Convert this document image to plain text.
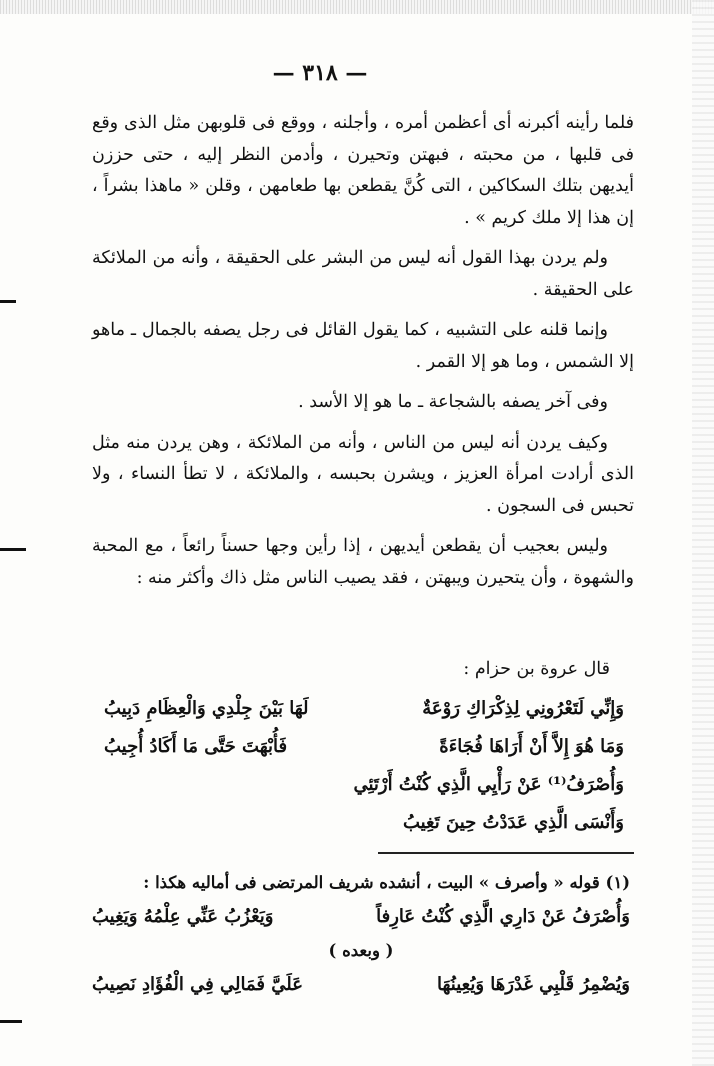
— ٣١٨ —

فلما رأينه أكبرنه أى أعظمن أمره ، وأجلنه ، ووقع فى قلوبهن مثل الذى وقع فى قلبها ، من محبته ، فبهتن وتحيرن ، وأدمن النظر إليه ، حتى حززن أيديهن بتلك السكاكين ، التى كُنَّ يقطعن بها طعامهن ، وقلن « ماهذا بشراً ، إن هذا إلا ملك كريم » .

ولم يردن بهذا القول أنه ليس من البشر على الحقيقة ، وأنه من الملائكة على الحقيقة .

وإنما قلنه على التشبيه ، كما يقول القائل فى رجل يصفه بالجمال ـ ماهو إلا الشمس ، وما هو إلا القمر .

وفى آخر يصفه بالشجاعة ـ ما هو إلا الأسد .

وكيف يردن أنه ليس من الناس ، وأنه من الملائكة ، وهن يردن منه مثل الذى أرادت امرأة العزيز ، ويشرن بحبسه ، والملائكة ، لا تطأ النساء ، ولا تحبس فى السجون .

وليس بعجيب أن يقطعن أيديهن ، إذا رأين وجها حسناً رائعاً ، مع المحبة والشهوة ، وأن يتحيرن ويبهتن ، فقد يصيب الناس مثل ذاك وأكثر منه :

قال عروة بن حزام :
وَإِنِّي لَتَعْرُونِي لِذِكْرَاكِ رَوْعَةٌ
لَهَا بَيْنَ جِلْدِي وَالْعِظَامِ دَبِيبُ
وَمَا هُوَ إِلاَّ أَنْ أَرَاهَا فُجَاءَةً
فَأُبْهَتَ حَتَّى مَا أَكَادُ أُجِيبُ
وَأُصْرَفُ⁽¹⁾ عَنْ رَأْيِي الَّذِي كُنْتُ أَرْتَئِي
وَأَنْسَى الَّذِي عَدَدْتُ حِينَ تَغِيبُ
(١) قوله « وأصرف » البيت ، أنشده شريف المرتضى فى أماليه هكذا :
وَأُصْرَفُ عَنْ دَارِي الَّذِي كُنْتُ عَارِفاً
وَيَعْزُبُ عَنِّي عِلْمُهُ وَيَغِيبُ
( وبعده )
وَيُضْمِرُ قَلْبِي غَدْرَهَا وَيُعِينُهَا
عَلَيَّ فَمَالِي فِي الْفُؤَادِ نَصِيبُ
